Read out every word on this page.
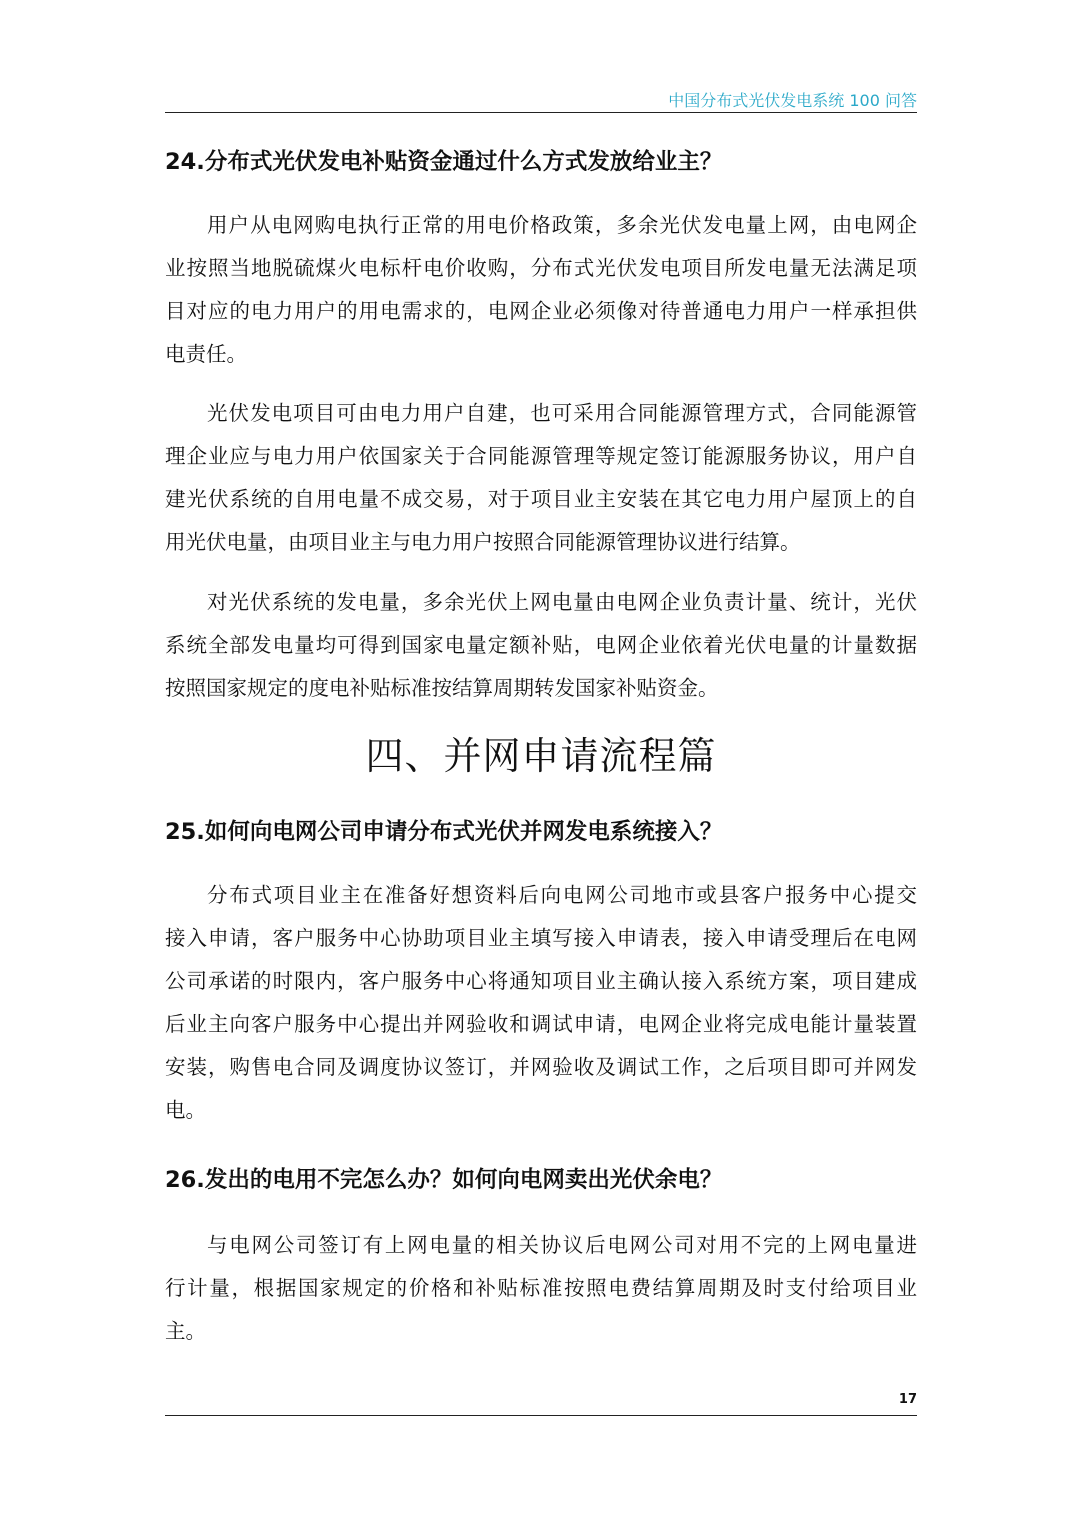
中国分布式光伏发电系统 100 问答
24.分布式光伏发电补贴资金通过什么方式发放给业主？

用户从电网购电执行正常的用电价格政策，多余光伏发电量上网，由电网企
业按照当地脱硫煤火电标杆电价收购，分布式光伏发电项目所发电量无法满足项
目对应的电力用户的用电需求的，电网企业必须像对待普通电力用户一样承担供
电责任。

光伏发电项目可由电力用户自建，也可采用合同能源管理方式，合同能源管
理企业应与电力用户依国家关于合同能源管理等规定签订能源服务协议，用户自
建光伏系统的自用电量不成交易，对于项目业主安装在其它电力用户屋顶上的自
用光伏电量，由项目业主与电力用户按照合同能源管理协议进行结算。

对光伏系统的发电量，多余光伏上网电量由电网企业负责计量、统计，光伏
系统全部发电量均可得到国家电量定额补贴，电网企业依着光伏电量的计量数据
按照国家规定的度电补贴标准按结算周期转发国家补贴资金。

四、并网申请流程篇
25.如何向电网公司申请分布式光伏并网发电系统接入？

分布式项目业主在准备好想资料后向电网公司地市或县客户报务中心提交
接入申请，客户服务中心协助项目业主填写接入申请表，接入申请受理后在电网
公司承诺的时限内，客户服务中心将通知项目业主确认接入系统方案，项目建成
后业主向客户服务中心提出并网验收和调试申请，电网企业将完成电能计量装置
安装，购售电合同及调度协议签订，并网验收及调试工作，之后项目即可并网发
电。

26.发出的电用不完怎么办？如何向电网卖出光伏余电？

与电网公司签订有上网电量的相关协议后电网公司对用不完的上网电量进
行计量，根据国家规定的价格和补贴标准按照电费结算周期及时支付给项目业
主。

17
